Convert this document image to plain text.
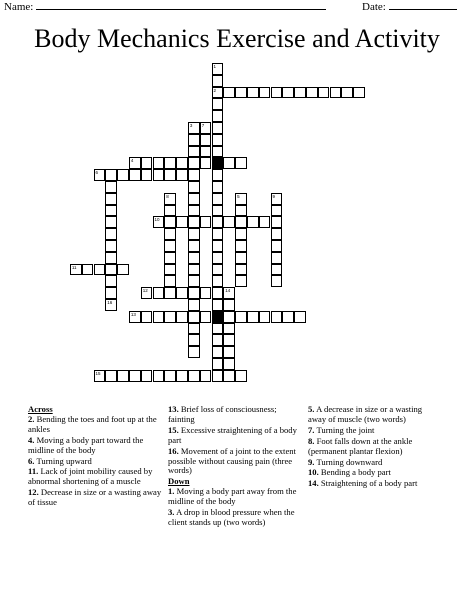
Name:	Date:
Body Mechanics Exercise and Activity
1
2
3 7
4
16
6
8	5	9
10
11
12
13
14
15
Across
2. Bending the toes and foot up at the ankles
4. Moving a body part toward the midline of the body
6. Turning upward
11. Lack of joint mobility caused by abnormal shortening of a muscle
12. Decrease in size or a wasting away of tissue
13. Brief loss of consciousness; fainting
15. Excessive straightening of a body part
16. Movement of a joint to the extent possible without causing pain (three words)
Down
1. Moving a body part away from the midline of the body
3. A drop in blood pressure when the client stands up (two words)
5. A decrease in size or a wasting away of muscle (two words)
7. Turning the joint
8. Foot falls down at the ankle (permanent plantar flexion)
9. Turning downward
10. Bending a body part
14. Straightening of a body part
